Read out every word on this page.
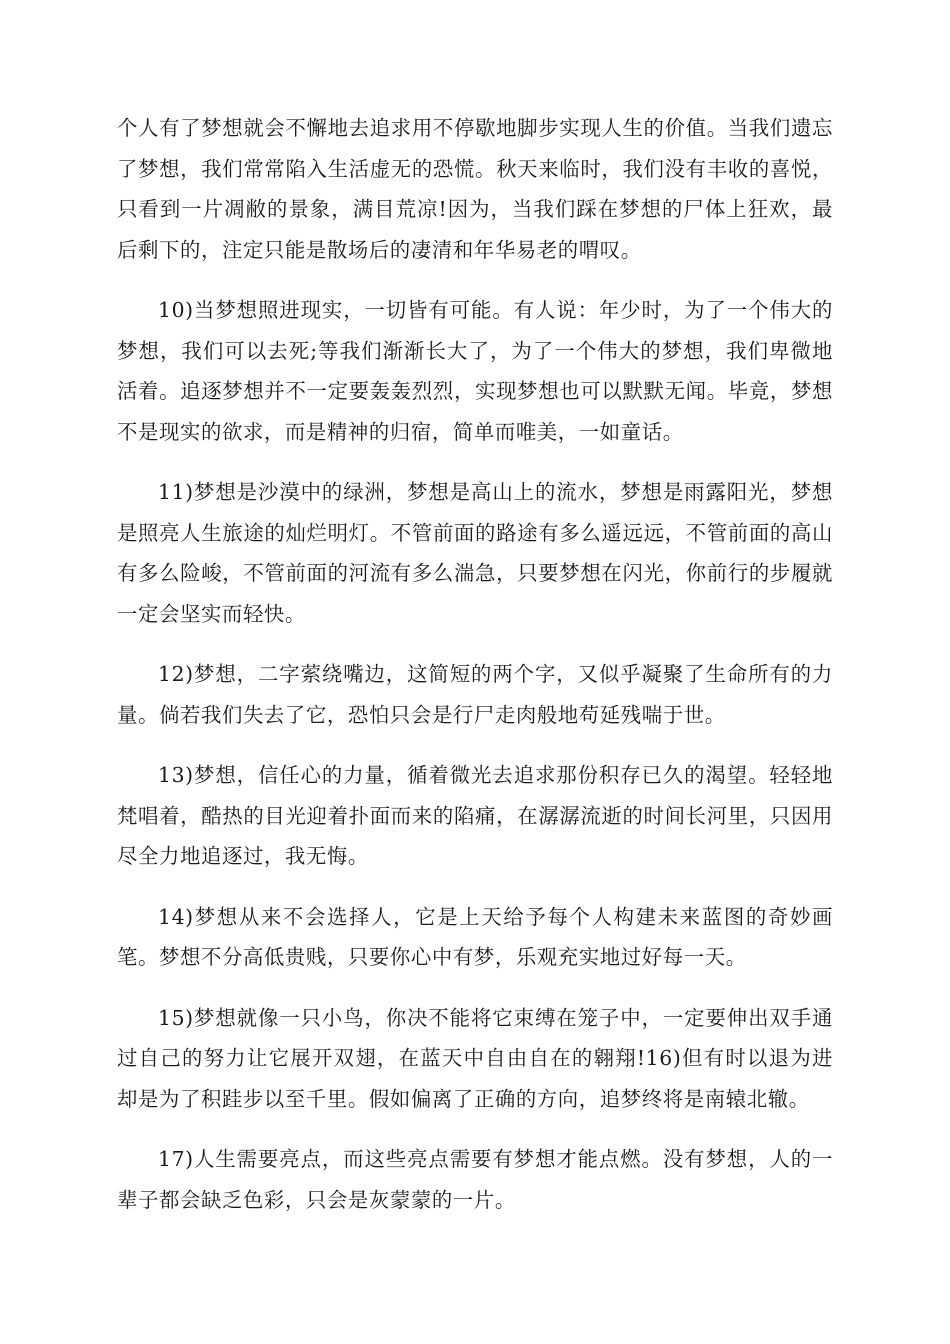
个人有了梦想就会不懈地去追求用不停歇地脚步实现人生的价值。当我们遗忘了梦想，我们常常陷入生活虚无的恐慌。秋天来临时，我们没有丰收的喜悦，只看到一片凋敝的景象，满目荒凉!因为，当我们踩在梦想的尸体上狂欢，最后剩下的，注定只能是散场后的凄清和年华易老的喟叹。

10)当梦想照进现实，一切皆有可能。有人说：年少时，为了一个伟大的梦想，我们可以去死;等我们渐渐长大了，为了一个伟大的梦想，我们卑微地活着。追逐梦想并不一定要轰轰烈烈，实现梦想也可以默默无闻。毕竟，梦想不是现实的欲求，而是精神的归宿，简单而唯美，一如童话。

11)梦想是沙漠中的绿洲，梦想是高山上的流水，梦想是雨露阳光，梦想是照亮人生旅途的灿烂明灯。不管前面的路途有多么遥远远，不管前面的高山有多么险峻，不管前面的河流有多么湍急，只要梦想在闪光，你前行的步履就一定会坚实而轻快。

12)梦想，二字萦绕嘴边，这简短的两个字，又似乎凝聚了生命所有的力量。倘若我们失去了它，恐怕只会是行尸走肉般地苟延残喘于世。

13)梦想，信任心的力量，循着微光去追求那份积存已久的渴望。轻轻地梵唱着，酷热的目光迎着扑面而来的陷痛，在潺潺流逝的时间长河里，只因用尽全力地追逐过，我无悔。

14)梦想从来不会选择人，它是上天给予每个人构建未来蓝图的奇妙画笔。梦想不分高低贵贱，只要你心中有梦，乐观充实地过好每一天。

15)梦想就像一只小鸟，你决不能将它束缚在笼子中，一定要伸出双手通过自己的努力让它展开双翅，在蓝天中自由自在的翱翔!16)但有时以退为进却是为了积跬步以至千里。假如偏离了正确的方向，追梦终将是南辕北辙。

17)人生需要亮点，而这些亮点需要有梦想才能点燃。没有梦想，人的一辈子都会缺乏色彩，只会是灰蒙蒙的一片。
